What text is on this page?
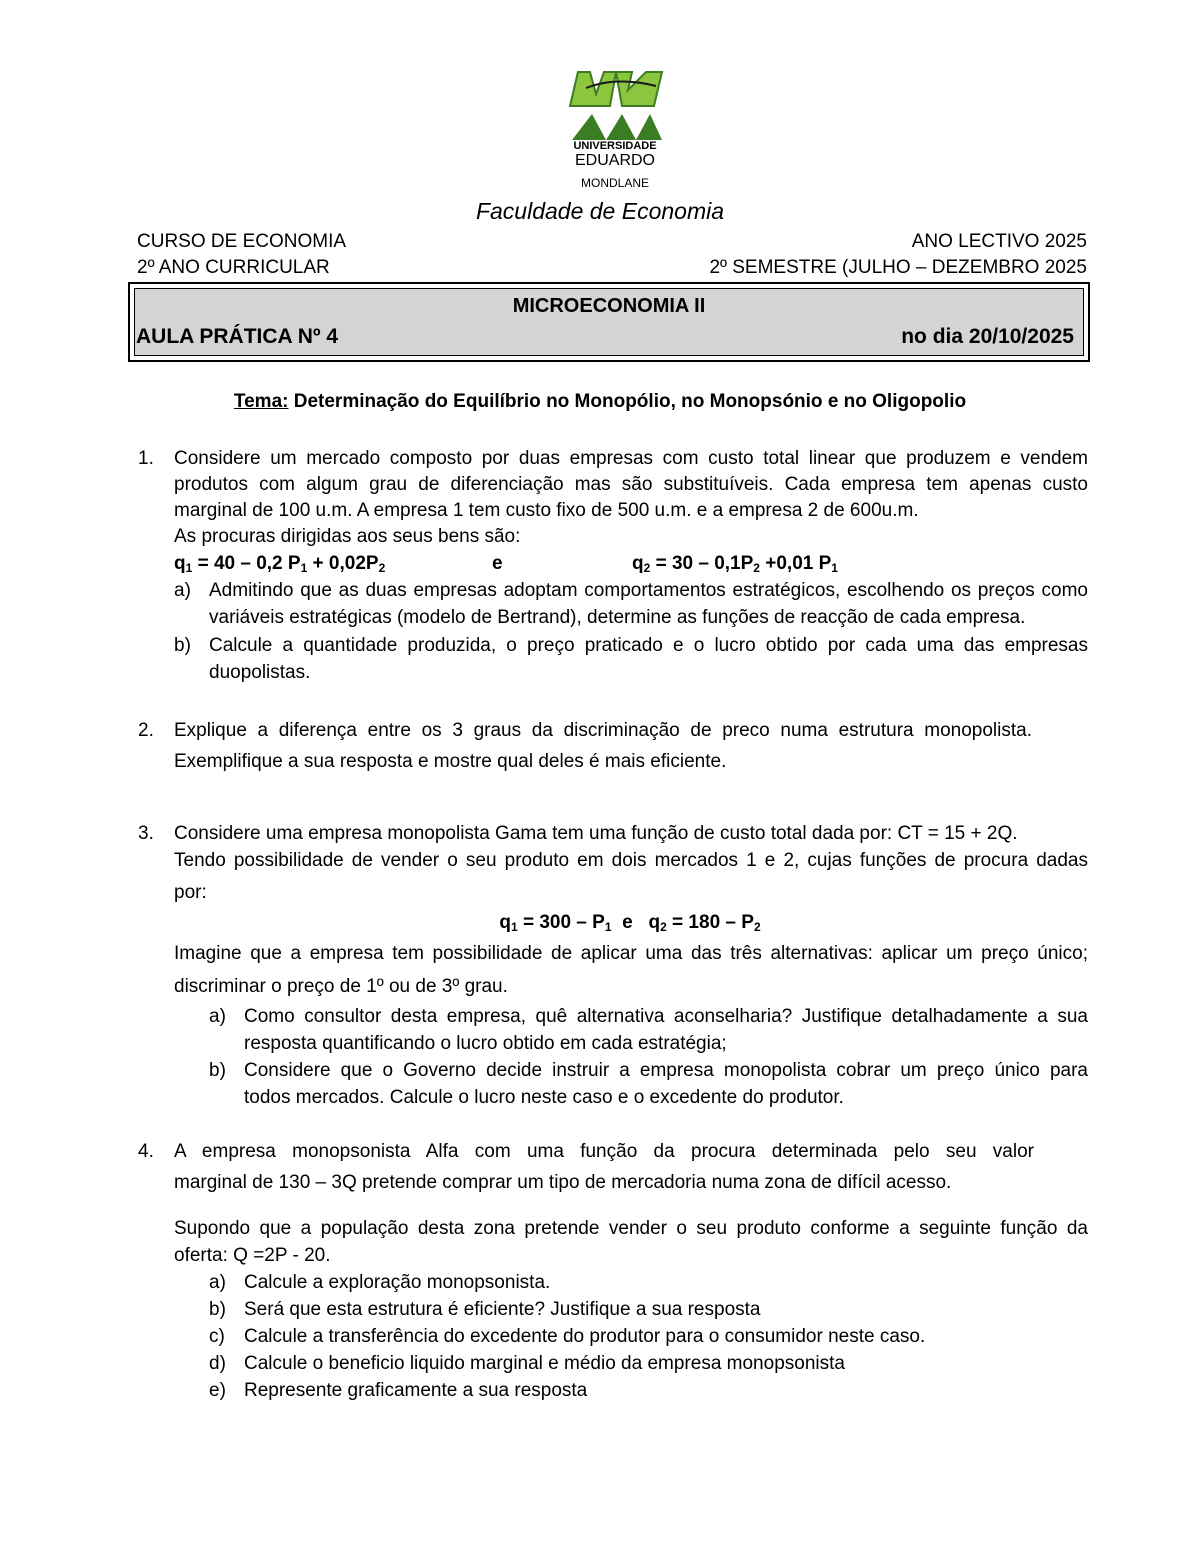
UNIVERSIDADE
EDUARDO
MONDLANE
Faculdade de Economia
CURSO DE ECONOMIA
2º ANO CURRICULAR
ANO LECTIVO 2025
2º SEMESTRE (JULHO – DEZEMBRO 2025
MICROECONOMIA II
AULA PRÁTICA Nº 4	no dia 20/10/2025
Tema: Determinação do Equilíbrio no Monopólio, no Monopsónio e no Oligopolio
1. Considere um mercado composto por duas empresas com custo total linear que produzem e vendem
produtos com algum grau de diferenciação mas são substituíveis. Cada empresa tem apenas custo
marginal de 100 u.m. A empresa 1 tem custo fixo de 500 u.m. e a empresa 2 de 600u.m.
As procuras dirigidas aos seus bens são:
$q_1 = 40 - 0,2$ $P_1 + 0,02P_2$	e	$q_2 = 30 - 0,1P_2 +0,01$ $P_1$
a) Admitindo que as duas empresas adoptam comportamentos estratégicos, escolhendo os preços como
variáveis estratégicas (modelo de Bertrand), determine as funções de reacção de cada empresa.
b) Calcule a quantidade produzida, o preço praticado e o lucro obtido por cada uma das empresas
duopolistas.
2. Explique a diferença entre os 3 graus da discriminação de preco numa estrutura monopolista.
Exemplifique a sua resposta e mostre qual deles é mais eficiente.
3. Considere uma empresa monopolista Gama tem uma função de custo total dada por: CT = 15 + 2Q.
Tendo possibilidade de vender o seu produto em dois mercados 1 e 2, cujas funções de procura dadas
por:
$q_1 = 300 - P_1$  e   $q_2 = 180 - P_2$
Imagine que a empresa tem possibilidade de aplicar uma das três alternativas: aplicar um preço único;
discriminar o preço de 1º ou de 3º grau.
a) Como consultor desta empresa, quê alternativa aconselharia? Justifique detalhadamente a sua
resposta quantificando o lucro obtido em cada estratégia;
b) Considere que o Governo decide instruir a empresa monopolista cobrar um preço único para
todos mercados. Calcule o lucro neste caso e o excedente do produtor.
4. A empresa monopsonista Alfa com uma função da procura determinada pelo seu valor
marginal de 130 – 3Q pretende comprar um tipo de mercadoria numa zona de difícil acesso.
Supondo que a população desta zona pretende vender o seu produto conforme a seguinte função da
oferta: Q =2P - 20.
a) Calcule a exploração monopsonista.
b) Será que esta estrutura é eficiente? Justifique a sua resposta
c) Calcule a transferência do excedente do produtor para o consumidor neste caso.
d) Calcule o beneficio liquido marginal e médio da empresa monopsonista
e) Represente graficamente a sua resposta
